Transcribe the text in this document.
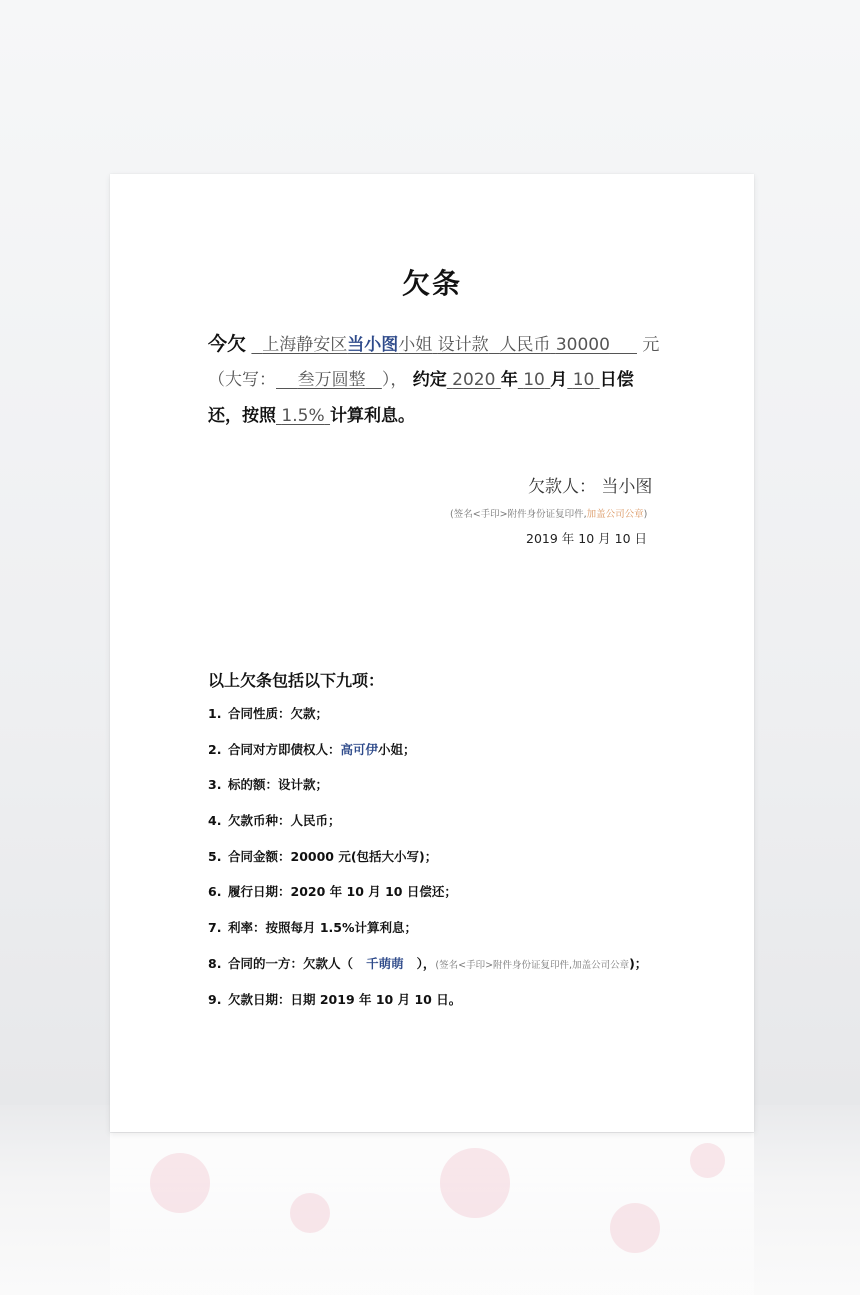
欠条
今欠 上海静安区当小图小姐 设计款 人民币 30000 元
（大写： 叁万圆整 ）， 约定 2020 年 10 月 10 日偿
还，按照 1.5% 计算利息。
欠款人： 当小图
(签名<手印>附件身份证复印件,加盖公司公章)
2019 年 10 月 10 日
以上欠条包括以下九项：
1. 合同性质：欠款；
2. 合同对方即债权人：高可伊小姐；
3. 标的额：设计款；
4. 欠款币种：人民币；
5. 合同金额：20000 元(包括大小写)；
6. 履行日期：2020 年 10 月 10 日偿还；
7. 利率：按照每月 1.5%计算利息；
8. 合同的一方：欠款人（ 千萌萌 ），(签名<手印>附件身份证复印件,加盖公司公章)；
9. 欠款日期：日期 2019 年 10 月 10 日。
